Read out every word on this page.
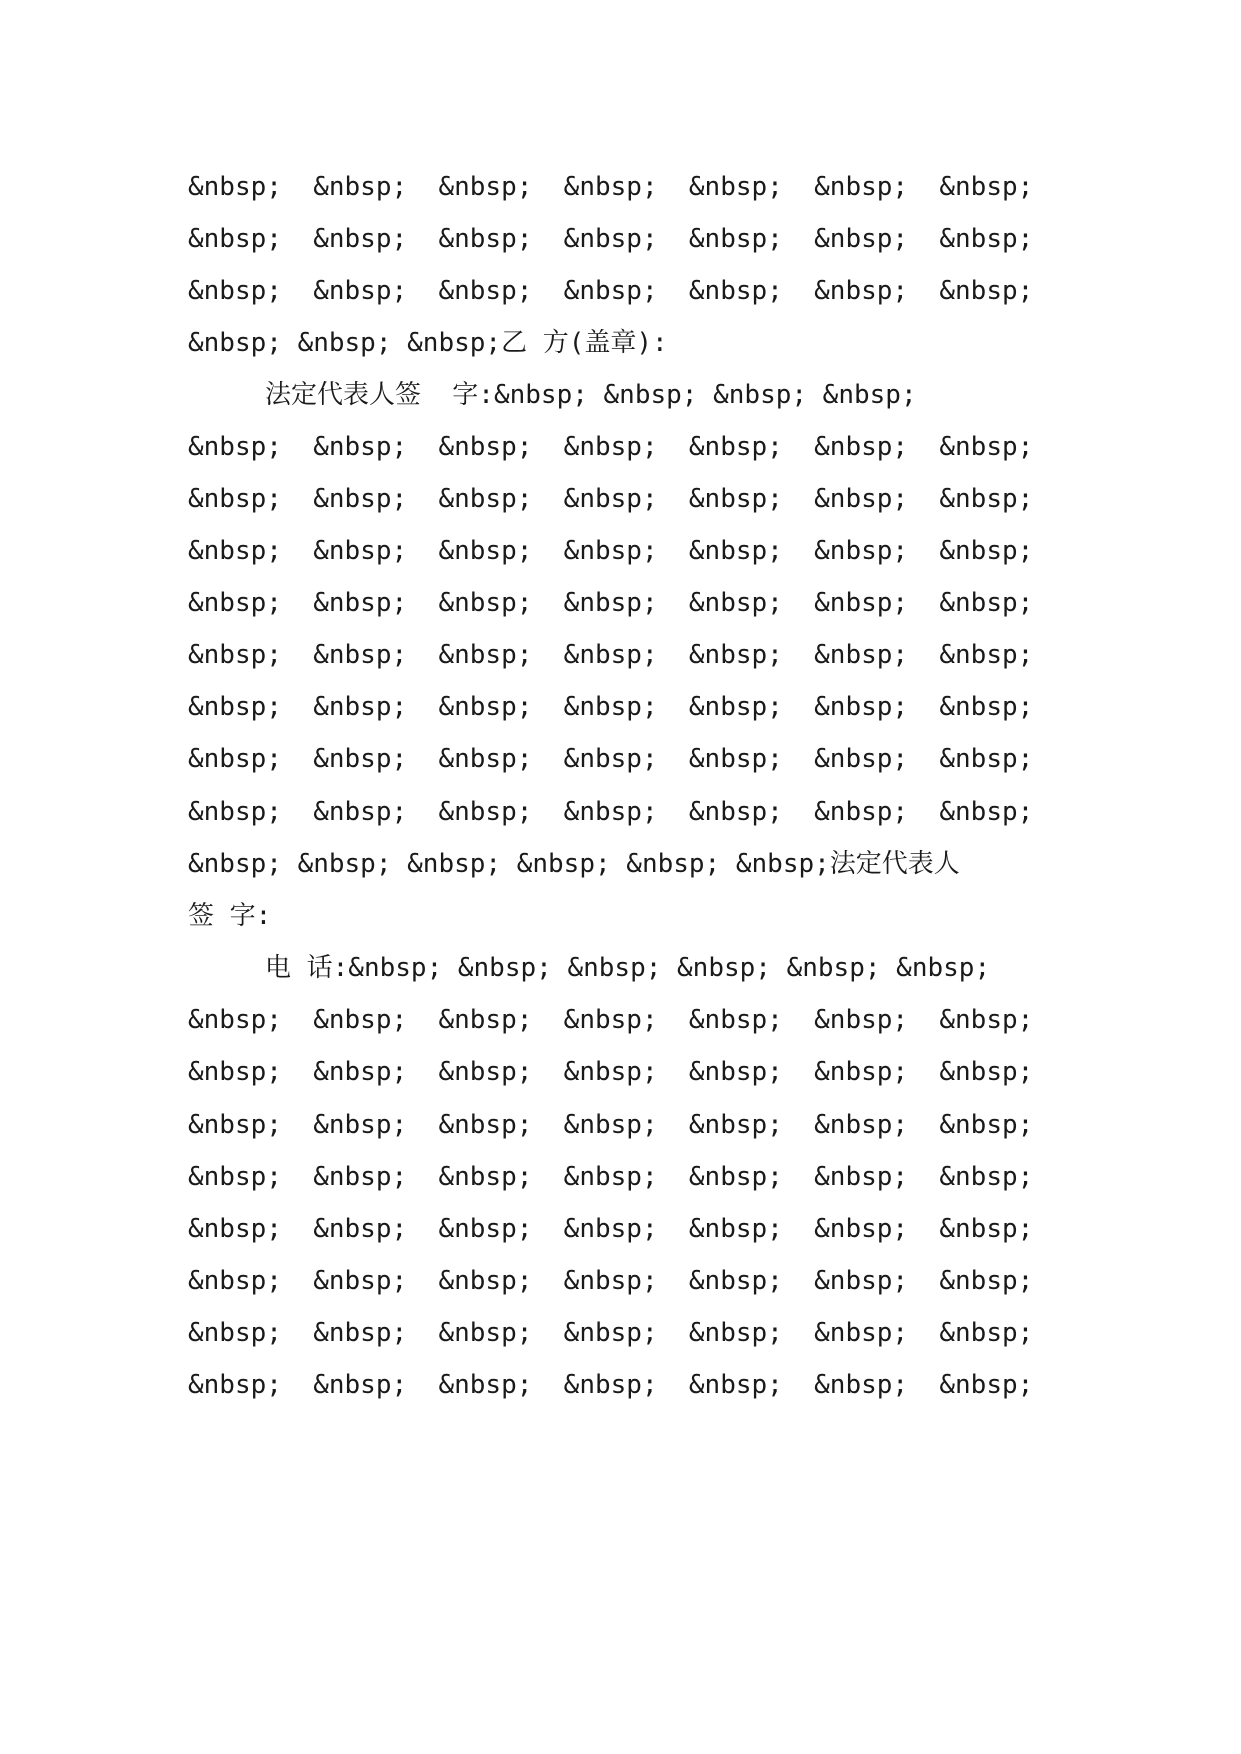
&nbsp;  &nbsp;  &nbsp;  &nbsp;  &nbsp;  &nbsp;  &nbsp;
&nbsp;  &nbsp;  &nbsp;  &nbsp;  &nbsp;  &nbsp;  &nbsp;
&nbsp;  &nbsp;  &nbsp;  &nbsp;  &nbsp;  &nbsp;  &nbsp;
&nbsp; &nbsp; &nbsp;乙 方(盖章):
法定代表人签  字:&nbsp; &nbsp; &nbsp; &nbsp;
&nbsp;  &nbsp;  &nbsp;  &nbsp;  &nbsp;  &nbsp;  &nbsp;
&nbsp;  &nbsp;  &nbsp;  &nbsp;  &nbsp;  &nbsp;  &nbsp;
&nbsp;  &nbsp;  &nbsp;  &nbsp;  &nbsp;  &nbsp;  &nbsp;
&nbsp;  &nbsp;  &nbsp;  &nbsp;  &nbsp;  &nbsp;  &nbsp;
&nbsp;  &nbsp;  &nbsp;  &nbsp;  &nbsp;  &nbsp;  &nbsp;
&nbsp;  &nbsp;  &nbsp;  &nbsp;  &nbsp;  &nbsp;  &nbsp;
&nbsp;  &nbsp;  &nbsp;  &nbsp;  &nbsp;  &nbsp;  &nbsp;
&nbsp;  &nbsp;  &nbsp;  &nbsp;  &nbsp;  &nbsp;  &nbsp;
&nbsp; &nbsp; &nbsp; &nbsp; &nbsp; &nbsp;法定代表人
签 字:
电 话:&nbsp; &nbsp; &nbsp; &nbsp; &nbsp; &nbsp;
&nbsp;  &nbsp;  &nbsp;  &nbsp;  &nbsp;  &nbsp;  &nbsp;
&nbsp;  &nbsp;  &nbsp;  &nbsp;  &nbsp;  &nbsp;  &nbsp;
&nbsp;  &nbsp;  &nbsp;  &nbsp;  &nbsp;  &nbsp;  &nbsp;
&nbsp;  &nbsp;  &nbsp;  &nbsp;  &nbsp;  &nbsp;  &nbsp;
&nbsp;  &nbsp;  &nbsp;  &nbsp;  &nbsp;  &nbsp;  &nbsp;
&nbsp;  &nbsp;  &nbsp;  &nbsp;  &nbsp;  &nbsp;  &nbsp;
&nbsp;  &nbsp;  &nbsp;  &nbsp;  &nbsp;  &nbsp;  &nbsp;
&nbsp;  &nbsp;  &nbsp;  &nbsp;  &nbsp;  &nbsp;  &nbsp;
